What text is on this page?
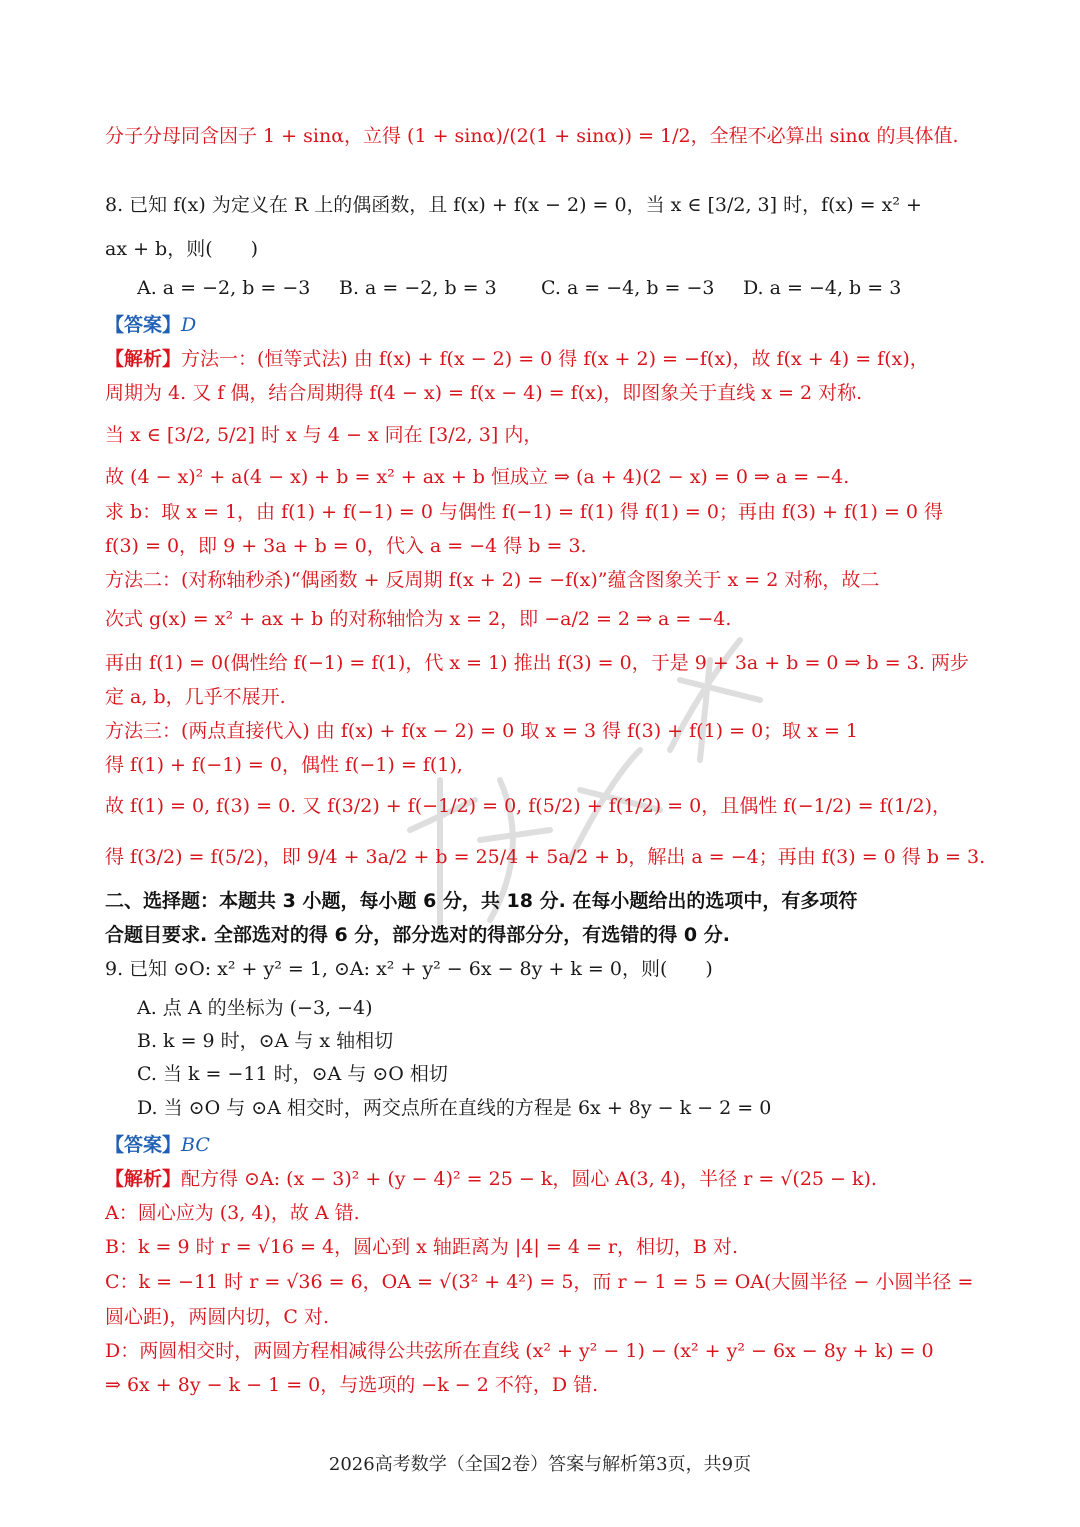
分子分母同含因子 1 + sinα，立得 (1 + sinα)/(2(1 + sinα)) = 1/2，全程不必算出 sinα 的具体值.
8. 已知 f(x) 为定义在 R 上的偶函数，且 f(x) + f(x − 2) = 0，当 x ∈ [3/2, 3] 时，f(x) = x² +
ax + b，则(　　)
A. a = −2, b = −3	B. a = −2, b = 3	C. a = −4, b = −3	D. a = −4, b = 3
【答案】D
【解析】方法一：(恒等式法) 由 f(x) + f(x − 2) = 0 得 f(x + 2) = −f(x)，故 f(x + 4) = f(x)，
周期为 4. 又 f 偶，结合周期得 f(4 − x) = f(x − 4) = f(x)，即图象关于直线 x = 2 对称.
当 x ∈ [3/2, 5/2] 时 x 与 4 − x 同在 [3/2, 3] 内，
故 (4 − x)² + a(4 − x) + b = x² + ax + b 恒成立 ⇒ (a + 4)(2 − x) = 0 ⇒ a = −4.
求 b：取 x = 1，由 f(1) + f(−1) = 0 与偶性 f(−1) = f(1) 得 f(1) = 0；再由 f(3) + f(1) = 0 得
f(3) = 0，即 9 + 3a + b = 0，代入 a = −4 得 b = 3.
方法二：(对称轴秒杀)“偶函数 + 反周期 f(x + 2) = −f(x)”蕴含图象关于 x = 2 对称，故二
次式 g(x) = x² + ax + b 的对称轴恰为 x = 2，即 −a/2 = 2 ⇒ a = −4.
再由 f(1) = 0(偶性给 f(−1) = f(1)，代 x = 1) 推出 f(3) = 0，于是 9 + 3a + b = 0 ⇒ b = 3. 两步
定 a, b，几乎不展开.
方法三：(两点直接代入) 由 f(x) + f(x − 2) = 0 取 x = 3 得 f(3) + f(1) = 0；取 x = 1
得 f(1) + f(−1) = 0，偶性 f(−1) = f(1),
故 f(1) = 0, f(3) = 0. 又 f(3/2) + f(−1/2) = 0, f(5/2) + f(1/2) = 0，且偶性 f(−1/2) = f(1/2)，
得 f(3/2) = f(5/2)，即 9/4 + 3a/2 + b = 25/4 + 5a/2 + b，解出 a = −4；再由 f(3) = 0 得 b = 3.
二、选择题：本题共 3 小题，每小题 6 分，共 18 分. 在每小题给出的选项中，有多项符
合题目要求. 全部选对的得 6 分，部分选对的得部分分，有选错的得 0 分.
9. 已知 ⊙O: x² + y² = 1, ⊙A: x² + y² − 6x − 8y + k = 0，则(　　)
A. 点 A 的坐标为 (−3, −4)
B. k = 9 时，⊙A 与 x 轴相切
C. 当 k = −11 时，⊙A 与 ⊙O 相切
D. 当 ⊙O 与 ⊙A 相交时，两交点所在直线的方程是 6x + 8y − k − 2 = 0
【答案】BC
【解析】配方得 ⊙A: (x − 3)² + (y − 4)² = 25 − k，圆心 A(3, 4)，半径 r = √(25 − k).
A：圆心应为 (3, 4)，故 A 错.
B：k = 9 时 r = √16 = 4，圆心到 x 轴距离为 |4| = 4 = r，相切，B 对.
C：k = −11 时 r = √36 = 6，OA = √(3² + 4²) = 5，而 r − 1 = 5 = OA(大圆半径 − 小圆半径 =
圆心距)，两圆内切，C 对.
D：两圆相交时，两圆方程相减得公共弦所在直线 (x² + y² − 1) − (x² + y² − 6x − 8y + k) = 0
⇒ 6x + 8y − k − 1 = 0，与选项的 −k − 2 不符，D 错.
2026高考数学（全国2卷）答案与解析第3页，共9页
